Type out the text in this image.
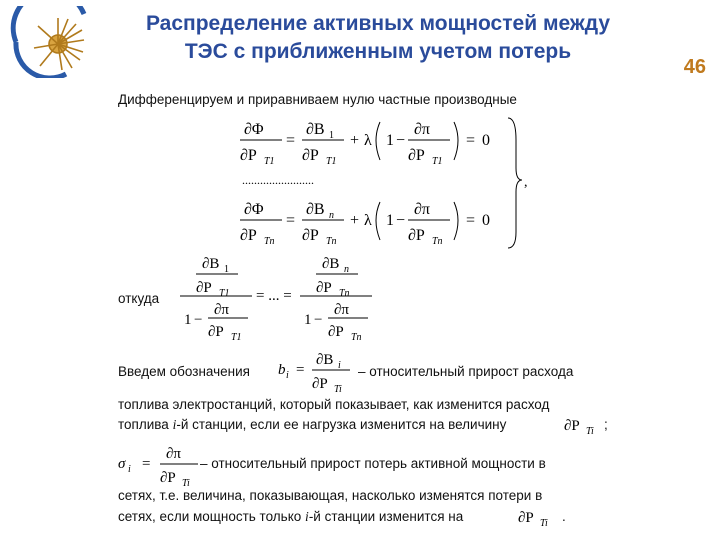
Распределение активных мощностей между
ТЭС с приближенным учетом потерь
46
Дифференцируем и приравниваем нулю частные производные
∂Φ
∂P T1
=
∂B 1
∂P T1
+ λ 1 −
∂π
∂P T1
= 0
........................
∂Φ
∂P Tn
=
∂B n
∂P Tn
+ λ 1 −
∂π
∂P Tn
= 0
,
откуда
∂B 1
∂P T1
1 −
∂π
∂P T1
= ... =
∂B n
∂P Tn
1 −
∂π
∂P Tn
Введем обозначения b i =
∂B i
∂P Ti
– относительный прирост расхода
топлива электростанций, который показывает, как изменится расход
топлива i-й станции, если ее нагрузка изменится на величину	∂P Ti ;
σ i =
∂π
∂P Ti
– относительный прирост потерь активной мощности в
сетях, т.е. величина, показывающая, насколько изменятся потери в
сетях, если мощность только i-й станции изменится на	∂P Ti .
